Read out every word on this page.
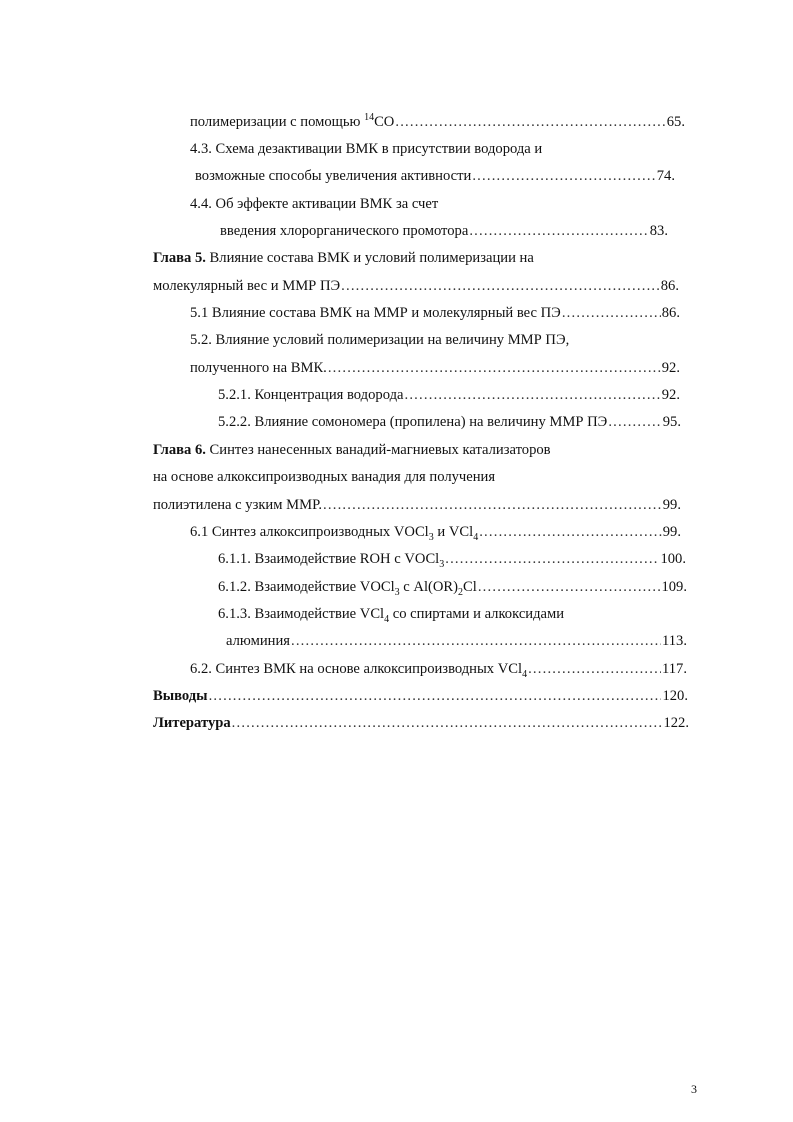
полимеризации с помощью $^{14}$СО .....	65.
4.3. Схема дезактивации ВМК в присутствии водорода и
возможные способы увеличения активности .....	74.
4.4. Об эффекте активации ВМК за счет
введения хлорорганического промотора .....	83.
Глава 5. Влияние состава ВМК и условий полимеризации на
молекулярный вес и ММР ПЭ .....	86.
5.1 Влияние состава ВМК на ММР и молекулярный вес ПЭ .....	86.
5.2. Влияние условий полимеризации на величину ММР ПЭ,
полученного на ВМК. .....	92.
5.2.1. Концентрация водорода .....	92.
5.2.2. Влияние сомономера (пропилена) на величину ММР ПЭ .....	95.
Глава 6. Синтез нанесенных ванадий-магниевых катализаторов
на основе алкоксипроизводных ванадия для получения
полиэтилена с узким ММР. .....	99.
6.1 Синтез алкоксипроизводных VOCl$_3$ и VCl$_4$ .....	99.
6.1.1. Взаимодействие ROH с VOCl$_3$ .....	100.
6.1.2. Взаимодействие VOCl$_3$ с $Al(OR)_2Cl$ .....	109.
6.1.3. Взаимодействие VCl$_4$ со спиртами и алкоксидами
алюминия .....	113.
6.2. Синтез ВМК на основе алкоксипроизводных VCl$_4$ .....	117.
Выводы .....	120.
Литература .....	122.
3
